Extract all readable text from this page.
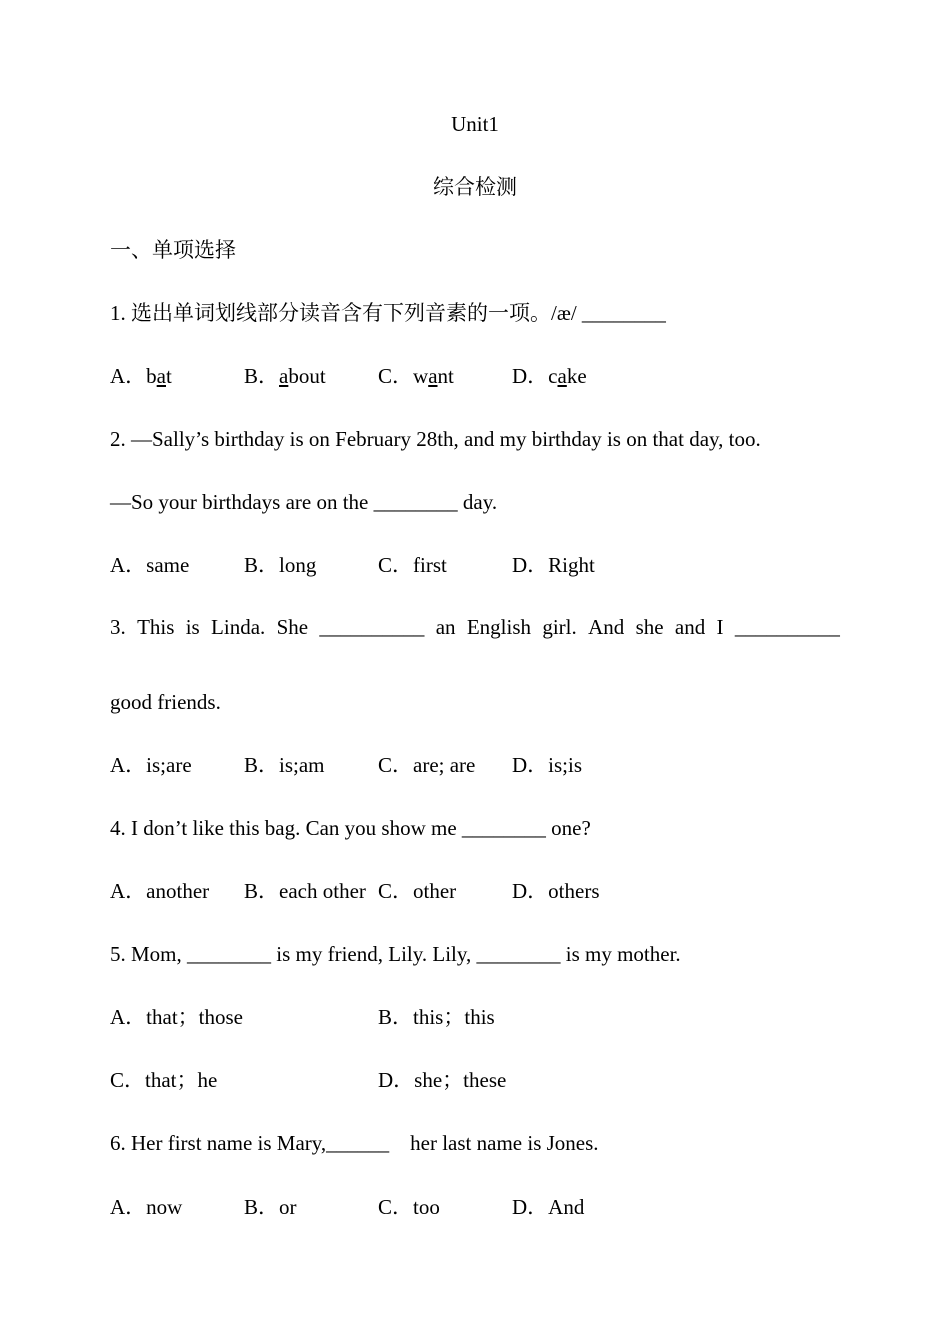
Unit1
综合检测
一、单项选择
1. 选出单词划线部分读音含有下列音素的一项。/æ/ ________
A．bat	B．about C．want	D．cake
2. —Sally’s birthday is on February 28th, and my birthday is on that day, too.
—So your birthdays are on the ________ day.
A．same	B．long	C．first	D．Right
3. This is Linda. She __________ an English girl. And she and I __________
good friends.
A．is;are B．is;am	C．are; are D．is;is
4. I don’t like this bag. Can you show me ________ one?
A．another B．each other C．other	D．others
5. Mom, ________ is my friend, Lily. Lily, ________ is my mother.
A．that；those	B．this；this
C．that；he	D．she；these
6. Her first name is Mary,______    her last name is Jones.
A．now	B．or	C．too	D．And
